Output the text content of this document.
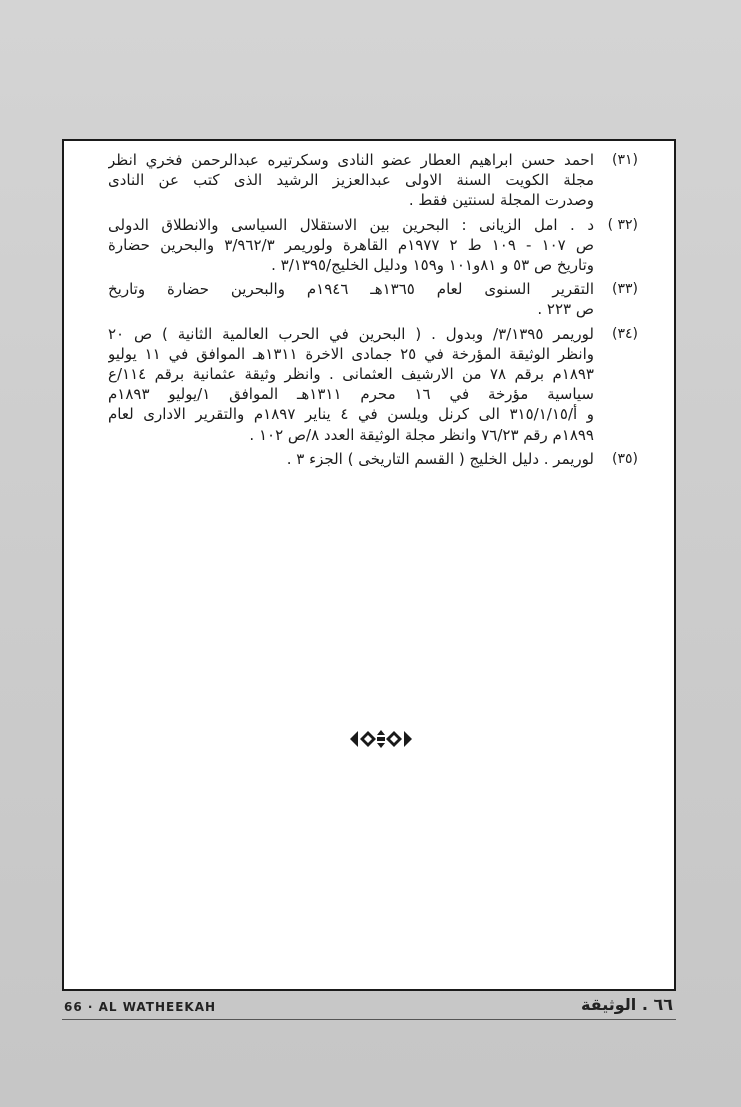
(٣١)
احمد حسن ابراهيم العطار عضو النادى وسكرتيره عبدالرحمن فخري انظر
مجلة الكويت السنة الاولى عبدالعزيز الرشيد الذى كتب عن النادى
وصدرت المجلة لسنتين فقط .
(٣٢ )
د . امل الزيانى : البحرين بين الاستقلال السياسى والانطلاق الدولى
ص ١٠٧ - ١٠٩ ط ٢ ١٩٧٧م القاهرة ولوريمر ٣/٩٦٢/٣ والبحرين حضارة
وتاريخ ص ٥٣ و ٨١و١٠١ و١٥٩ ودليل الخليج/٣/١٣٩٥ .
(٣٣)
التقرير السنوى لعام ١٣٦٥هـ ١٩٤٦م والبحرين حضارة وتاريخ
ص ٢٢٣ .
(٣٤)
لوريمر ٣/١٣٩٥/ وبدول . ( البحرين في الحرب العالمية الثانية ) ص ٢٠
وانظر الوثيقة المؤرخة في ٢٥ جمادى الاخرة ١٣١١هـ الموافق في ١١ يوليو
١٨٩٣م برقم ٧٨ من الارشيف العثمانى . وانظر وثيقة عثمانية برقم ١١٤/ع
سياسية مؤرخة في ١٦ محرم ١٣١١هـ الموافق ١/يوليو ١٨٩٣م
و أ/٣١٥/١/١٥ الى كرنل ويلسن في ٤ يناير ١٨٩٧م والتقرير الادارى لعام
١٨٩٩م رقم ٧٦/٢٣ وانظر مجلة الوثيقة العدد ٨/ص ١٠٢ .
(٣٥)
لوريمر . دليل الخليج ( القسم التاريخى ) الجزء ٣ .
66 · AL WATHEEKAH	٦٦ . الوثيقة
